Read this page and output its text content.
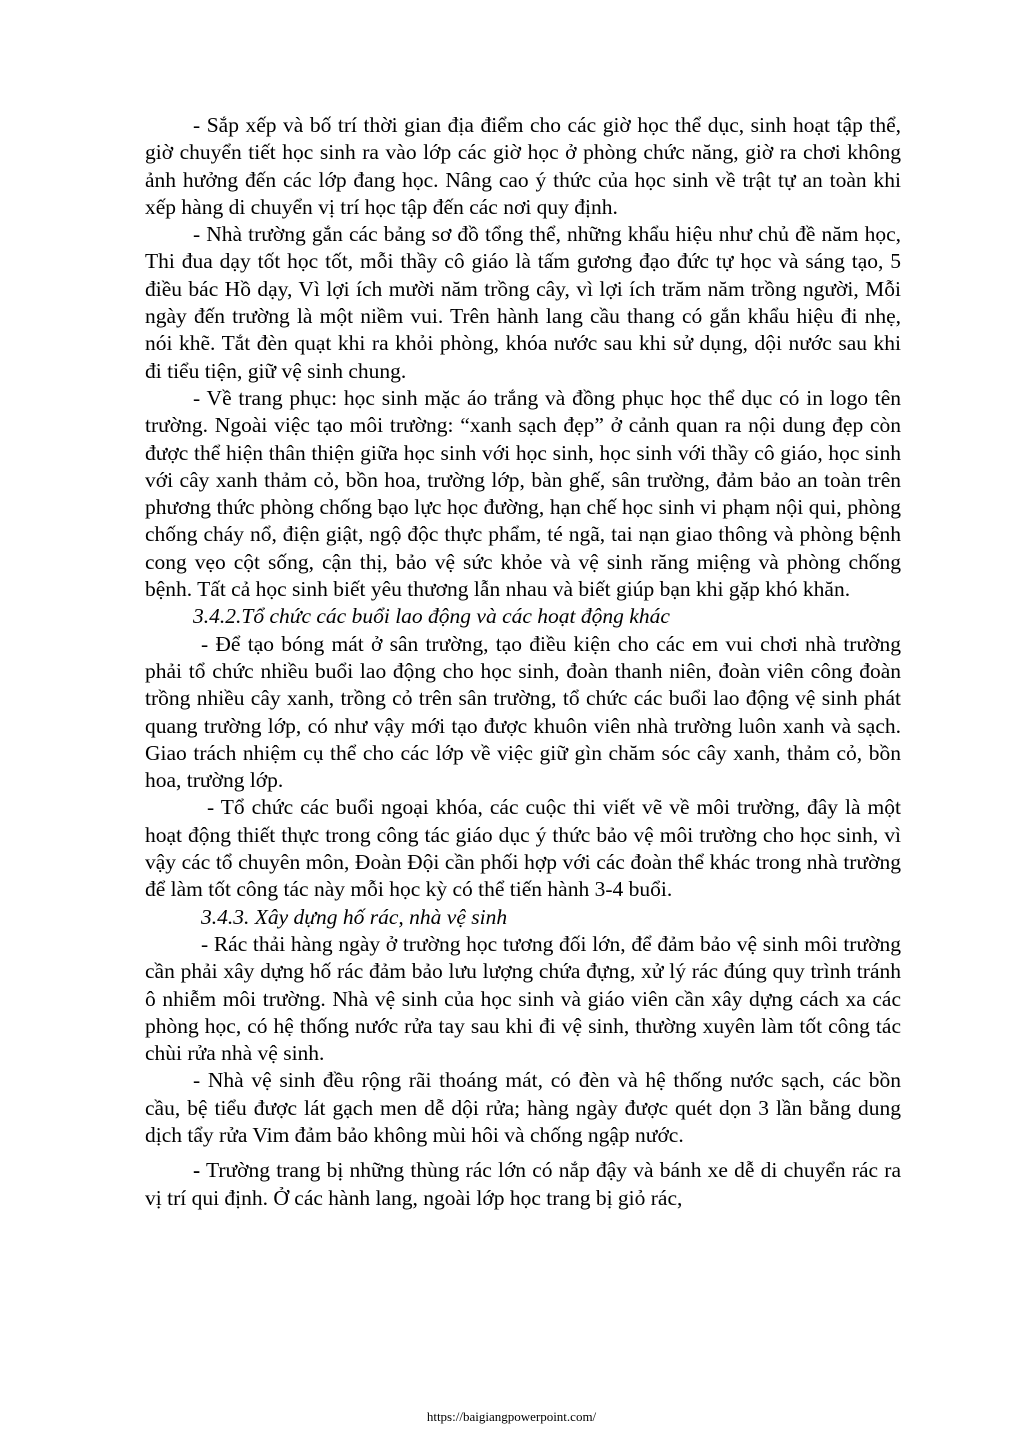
- Sắp xếp và bố trí thời gian địa điểm cho các giờ học thể dục, sinh hoạt tập thể, giờ chuyển tiết học sinh ra vào lớp các giờ học ở phòng chức năng, giờ ra chơi không ảnh hưởng đến các lớp đang học. Nâng cao ý thức của học sinh về trật tự an toàn khi xếp hàng di chuyển vị trí học tập đến các nơi quy định.

- Nhà trường gắn các bảng sơ đồ tổng thể, những khẩu hiệu như chủ đề năm học, Thi đua dạy tốt học tốt, mỗi thầy cô giáo là tấm gương đạo đức tự học và sáng tạo, 5 điều bác Hồ dạy, Vì lợi ích mười năm trồng cây, vì lợi ích trăm năm trồng người, Mỗi ngày đến trường là một niềm vui. Trên hành lang cầu thang có gắn khẩu hiệu đi nhẹ, nói khẽ. Tắt đèn quạt khi ra khỏi phòng, khóa nước sau khi sử dụng, dội nước sau khi đi tiểu tiện, giữ vệ sinh chung.

- Về trang phục: học sinh mặc áo trắng và đồng phục học thể dục có in logo tên trường. Ngoài việc tạo môi trường: “xanh sạch đẹp” ở cảnh quan ra nội dung đẹp còn được thể hiện thân thiện giữa học sinh với học sinh, học sinh với thầy cô giáo, học sinh với cây xanh thảm cỏ, bồn hoa, trường lớp, bàn ghế, sân trường, đảm bảo an toàn trên phương thức phòng chống bạo lực học đường, hạn chế học sinh vi phạm nội qui, phòng chống cháy nổ, điện giật, ngộ độc thực phẩm, té ngã, tai nạn giao thông và phòng bệnh cong vẹo cột sống, cận thị, bảo vệ sức khỏe và vệ sinh răng miệng và phòng chống bệnh. Tất cả học sinh biết yêu thương lẫn nhau và biết giúp bạn khi gặp khó khăn.

3.4.2.Tổ chức các buổi lao động và các hoạt động khác

- Để tạo bóng mát ở sân trường, tạo điều kiện cho các em vui chơi nhà trường phải tổ chức nhiều buổi lao động cho học sinh, đoàn thanh niên, đoàn viên công đoàn trồng nhiều cây xanh, trồng cỏ trên sân trường, tổ chức các buổi lao động vệ sinh phát quang trường lớp, có như vậy mới tạo được khuôn viên nhà trường luôn xanh và sạch. Giao trách nhiệm cụ thể cho các lớp về việc giữ gìn chăm sóc cây xanh, thảm cỏ, bồn hoa, trường lớp.

- Tổ chức các buổi ngoại khóa, các cuộc thi viết vẽ về môi trường, đây là một hoạt động thiết thực trong công tác giáo dục ý thức bảo vệ môi trường cho học sinh, vì vậy các tổ chuyên môn, Đoàn Đội cần phối hợp với các đoàn thể khác trong nhà trường để làm tốt công tác này mỗi học kỳ có thể tiến hành 3-4 buổi.

3.4.3. Xây dựng hố rác, nhà vệ sinh

- Rác thải hàng ngày ở trường học tương đối lớn, để đảm bảo vệ sinh môi trường cần phải xây dựng hố rác đảm bảo lưu lượng chứa đựng, xử lý rác đúng quy trình tránh ô nhiễm môi trường. Nhà vệ sinh của học sinh và giáo viên cần xây dựng cách xa các phòng học, có hệ thống nước rửa tay sau khi đi vệ sinh, thường xuyên làm tốt công tác chùi rửa nhà vệ sinh.

- Nhà vệ sinh đều rộng rãi thoáng mát, có đèn và hệ thống nước sạch, các bồn cầu, bệ tiểu được lát gạch men dễ dội rửa; hàng ngày được quét dọn 3 lần bằng dung dịch tẩy rửa Vim đảm bảo không mùi hôi và chống ngập nước.

- Trường trang bị những thùng rác lớn có nắp đậy và bánh xe dễ di chuyển rác ra vị trí qui định. Ở các hành lang, ngoài lớp học trang bị giỏ rác,

https://baigiangpowerpoint.com/
